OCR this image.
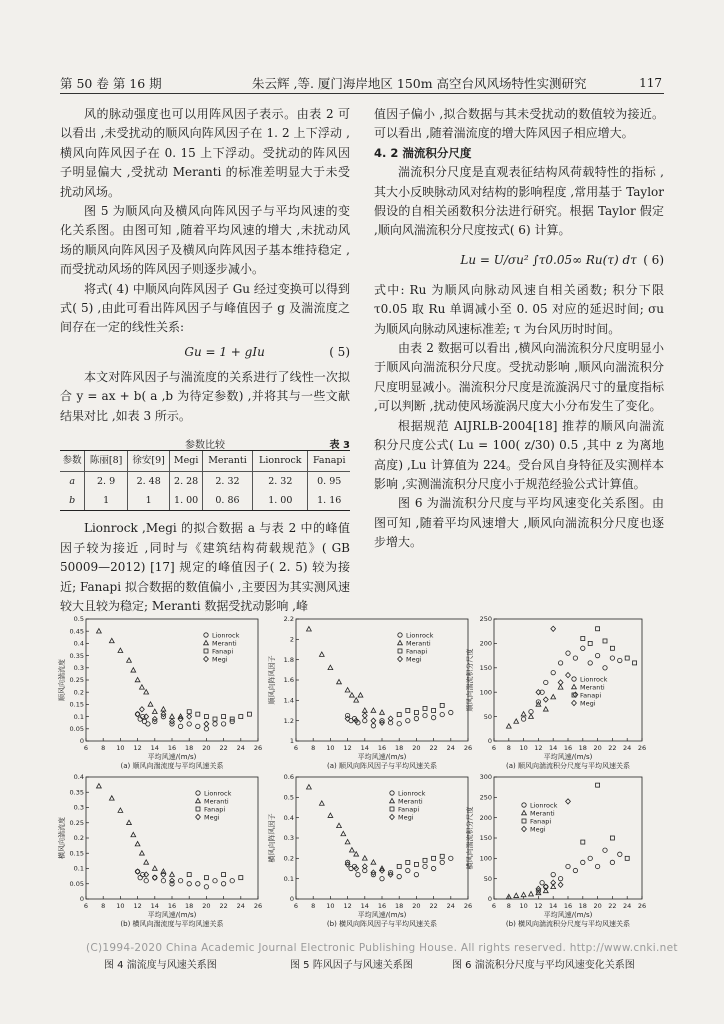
第 50 卷 第 16 期	朱云辉 ,等. 厦门海岸地区 150m 高空台风风场特性实测研究	117

风的脉动强度也可以用阵风因子表示。由表 2 可以看出 ,未受扰动的顺风向阵风因子在 1. 2 上下浮动 ,横风向阵风因子在 0. 15 上下浮动。受扰动的阵风因子明显偏大 ,受扰动 Meranti 的标准差明显大于未受扰动风场。

图 5 为顺风向及横风向阵风因子与平均风速的变化关系图。由图可知 ,随着平均风速的增大 ,未扰动风场的顺风向阵风因子及横风向阵风因子基本维持稳定 ,而受扰动风场的阵风因子则逐步减小。

将式( 4) 中顺风向阵风因子 Gu 经过变换可以得到式( 5) ,由此可看出阵风因子与峰值因子 g 及湍流度之间存在一定的线性关系:

Gu = 1 + gIu	( 5)

本文对阵风因子与湍流度的关系进行了线性一次拟合 y = ax + b( a ,b 为待定参数) ,并将其与一些文献结果对比 ,如表 3 所示。

参数比较	表 3
参数	陈丽[8]	徐安[9]	Megi	Meranti	Lionrock	Fanapi
a	2. 9	2. 48	2. 28	2. 32	2. 32	0. 95
b	1	1	1. 00	0. 86	1. 00	1. 16

Lionrock ,Megi 的拟合数据 a 与表 2 中的峰值因子较为接近 ,同时与《建筑结构荷载规范》( GB 50009—2012) [17] 规定的峰值因子( 2. 5) 较为接近; Fanapi 拟合数据的数值偏小 ,主要因为其实测风速较大且较为稳定; Meranti 数据受扰动影响 ,峰

值因子偏小 ,拟合数据与其未受扰动的数值较为接近。可以看出 ,随着湍流度的增大阵风因子相应增大。

4. 2 湍流积分尺度

湍流积分尺度是直观表征结构风荷载特性的指标 ,其大小反映脉动风对结构的影响程度 ,常用基于 Taylor 假设的自相关函数积分法进行研究。根据 Taylor 假定 ,顺向风湍流积分尺度按式( 6) 计算。

Lu = U/σu² ∫τ0.05∞ Ru(τ) dτ ( 6)

式中: Ru 为顺风向脉动风速自相关函数; 积分下限 τ0.05 取 Ru 单调减小至 0. 05 对应的延迟时间; σu 为顺风向脉动风速标准差; τ 为台风历时时间。

由表 2 数据可以看出 ,横风向湍流积分尺度明显小于顺风向湍流积分尺度。受扰动影响 ,顺风向湍流积分尺度明显减小。湍流积分尺度是流漩涡尺寸的量度指标 ,可以判断 ,扰动使风场漩涡尺度大小分布发生了变化。

根据规范 AIJRLB-2004[18] 推荐的顺风向湍流积分尺度公式( Lu = 100( z/30) 0.5 ,其中 z 为离地高度) ,Lu 计算值为 224。受台风自身特征及实测样本影响 ,实测湍流积分尺度小于规范经验公式计算值。

图 6 为湍流积分尺度与平均风速变化关系图。由图可知 ,随着平均风速增大 ,顺风向湍流积分尺度也逐步增大。

6 8 10 12 14 16 18 20 22 24 26
0
0.05
0.1
0.15
0.2
0.25
0.3
0.35
0.4
0.45
0.5
平均风速/(m/s)
顺风向湍流度
(a) 顺风向湍流度与平均风速关系
Lionrock
Meranti
Fanapi
Megi
6 8 10 12 14 16 18 20 22 24 26
1
1.2
1.4
1.6
1.8
2
2.2
平均风速/(m/s)
顺风向阵风因子
(a) 顺风向阵风因子与平均风速关系
Lionrock
Meranti
Fanapi
Megi
6 8 10 12 14 16 18 20 22 24 26
0
50
100
150
200
250
平均风速/(m/s)
顺风向湍流积分尺度
(a) 顺风向湍流积分尺度与平均风速关系
Lionrock
Meranti
Fanapi
Megi
6 8 10 12 14 16 18 20 22 24 26
0
0.05
0.1
0.15
0.2
0.25
0.3
0.35
0.4
平均风速/(m/s)
横风向湍流度
(b) 横风向湍流度与平均风速关系
Lionrock
Meranti
Fanapi
Megi
6 8 10 12 14 16 18 20 22 24 26
0
0.1
0.2
0.3
0.4
0.5
0.6
平均风速/(m/s)
横风向阵风因子
(b) 横风向阵风因子与平均风速关系
Lionrock
Meranti
Fanapi
Megi
6 8 10 12 14 16 18 20 22 24 26
0
50
100
150
200
250
300
平均风速/(m/s)
横风向湍流积分尺度
(b) 横风向湍流积分尺度与平均风速关系
Lionrock
Meranti
Fanapi
Megi
(C)1994-2020 China Academic Journal Electronic Publishing House. All rights reserved. http://www.cnki.net
图 4 湍流度与风速关系图	图 5 阵风因子与风速关系图	图 6 湍流积分尺度与平均风速变化关系图
